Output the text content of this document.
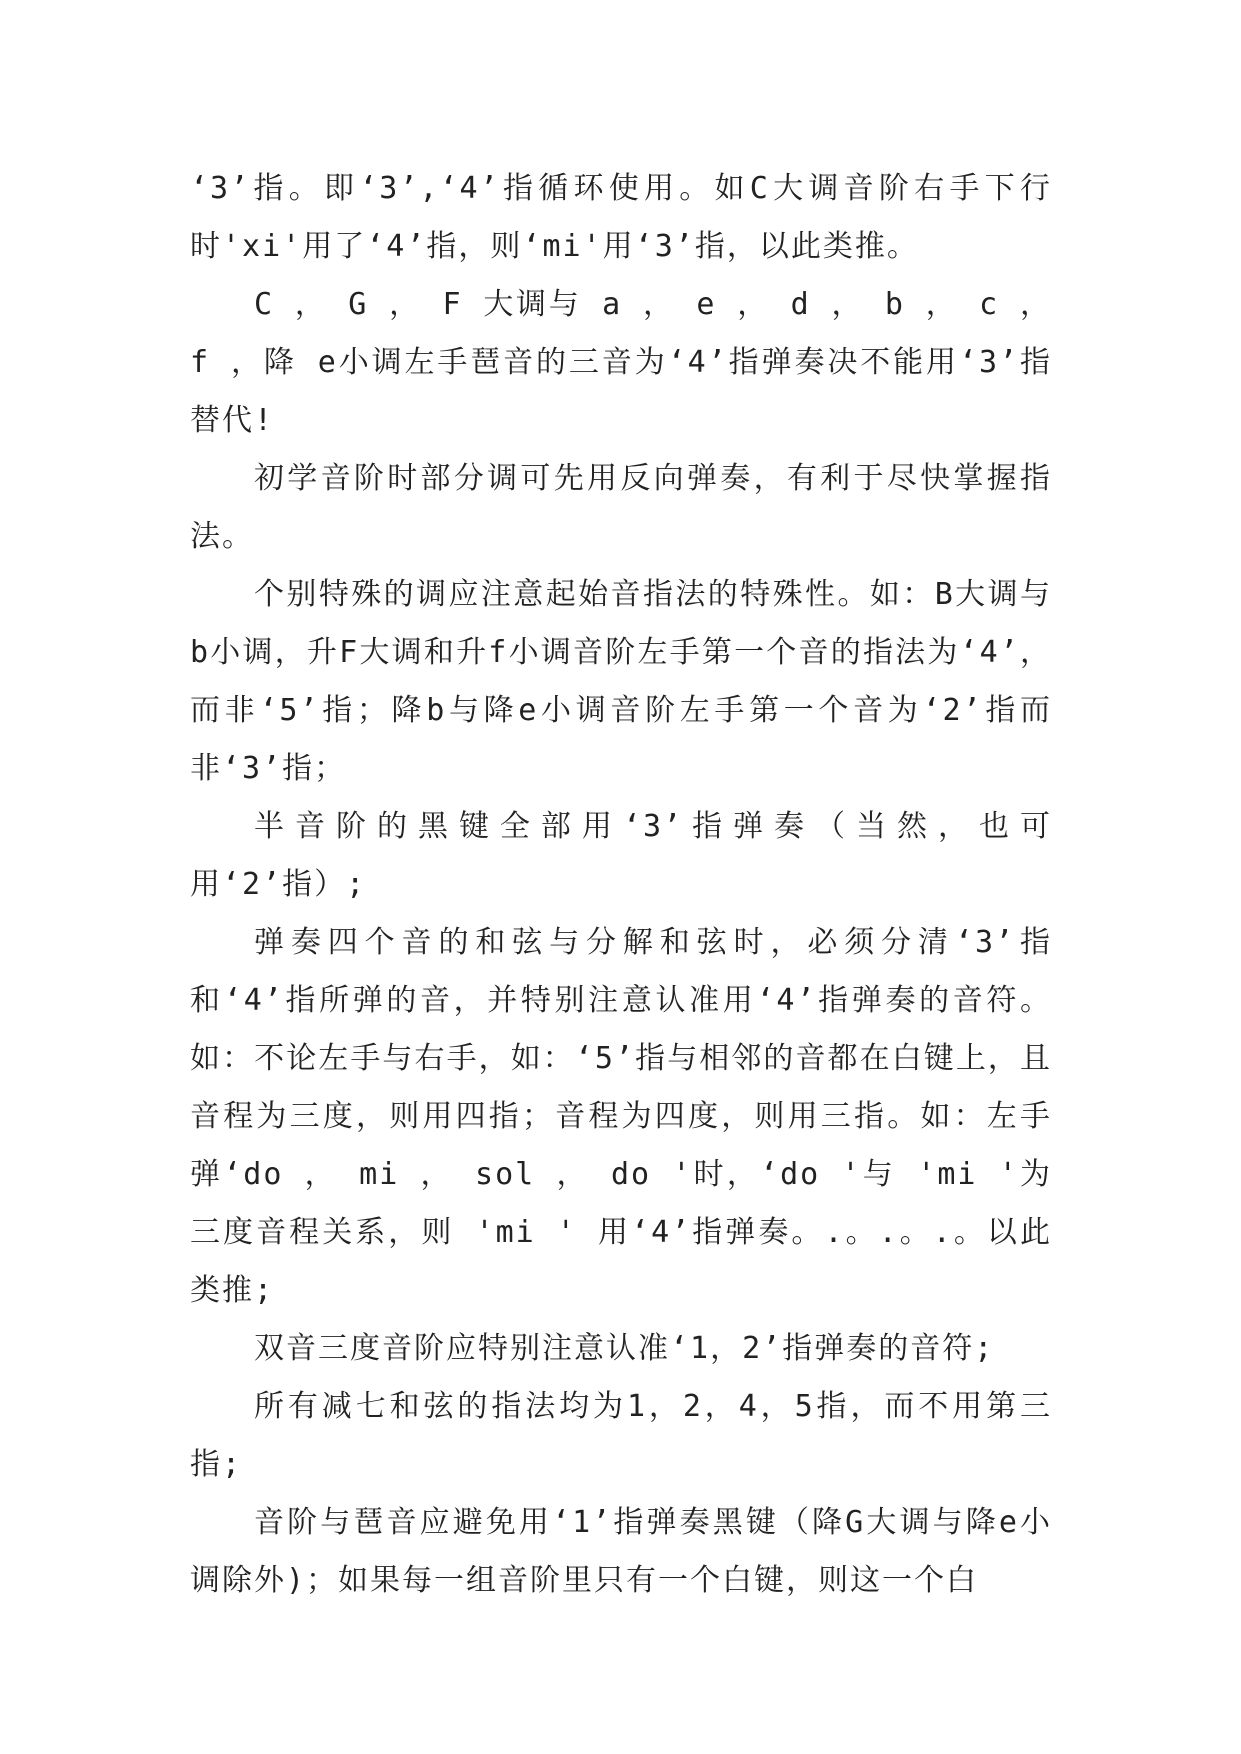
‘3’指。即‘3’,‘4’指循环使用。如C大调音阶右手下行时'xi'用了‘4’指，则‘mi'用‘3’指，以此类推。

C ， G ， F 大调与 a ， e ， d ， b ， c ， f ，降 e小调左手琶音的三音为‘4’指弹奏决不能用‘3’指替代!

初学音阶时部分调可先用反向弹奏，有利于尽快掌握指法。

个别特殊的调应注意起始音指法的特殊性。如：B大调与b小调，升F大调和升f小调音阶左手第一个音的指法为‘4’，而非‘5’指；降b与降e小调音阶左手第一个音为‘2’指而非‘3’指；

半音阶的黑键全部用‘3’指弹奏（当然，也可用‘2’指）;

弹奏四个音的和弦与分解和弦时，必须分清‘3’指和‘4’指所弹的音，并特别注意认准用‘4’指弹奏的音符。如：不论左手与右手，如：‘5’指与相邻的音都在白键上，且音程为三度，则用四指；音程为四度，则用三指。如：左手弹‘do ， mi ， sol ， do '时，‘do '与 'mi '为三度音程关系，则 'mi ' 用‘4’指弹奏。.。.。.。以此类推;

双音三度音阶应特别注意认准‘1，2’指弹奏的音符;

所有减七和弦的指法均为1，2，4，5指，而不用第三指;

音阶与琶音应避免用‘1’指弹奏黑键（降G大调与降e小调除外)；如果每一组音阶里只有一个白键，则这一个白
